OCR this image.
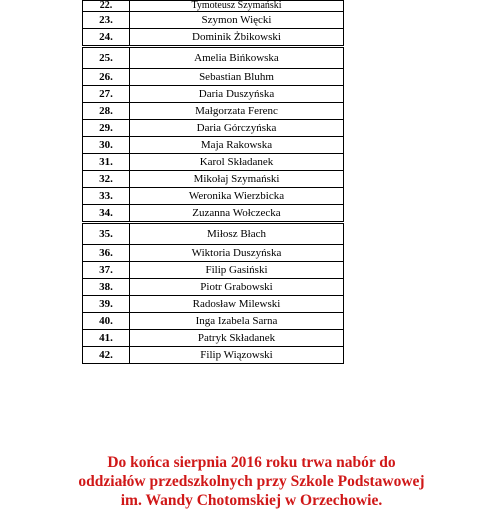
22.	Tymoteusz Szymański
23.	Szymon Więcki
24.	Dominik Żbikowski
25.	Amelia Bińkowska
26.	Sebastian Bluhm
27.	Daria Duszyńska
28.	Małgorzata Ferenc
29.	Daria Górczyńska
30.	Maja Rakowska
31.	Karol Składanek
32.	Mikołaj Szymański
33.	Weronika Wierzbicka
34.	Zuzanna Wołczecka
35.	Miłosz Błach
36.	Wiktoria Duszyńska
37.	Filip Gasiński
38.	Piotr Grabowski
39.	Radosław Milewski
40.	Inga Izabela Sarna
41.	Patryk Składanek
42.	Filip Wiązowski
Do końca sierpnia 2016 roku trwa nabór do
oddziałów przedszkolnych przy Szkole Podstawowej
im. Wandy Chotomskiej w Orzechowie.
